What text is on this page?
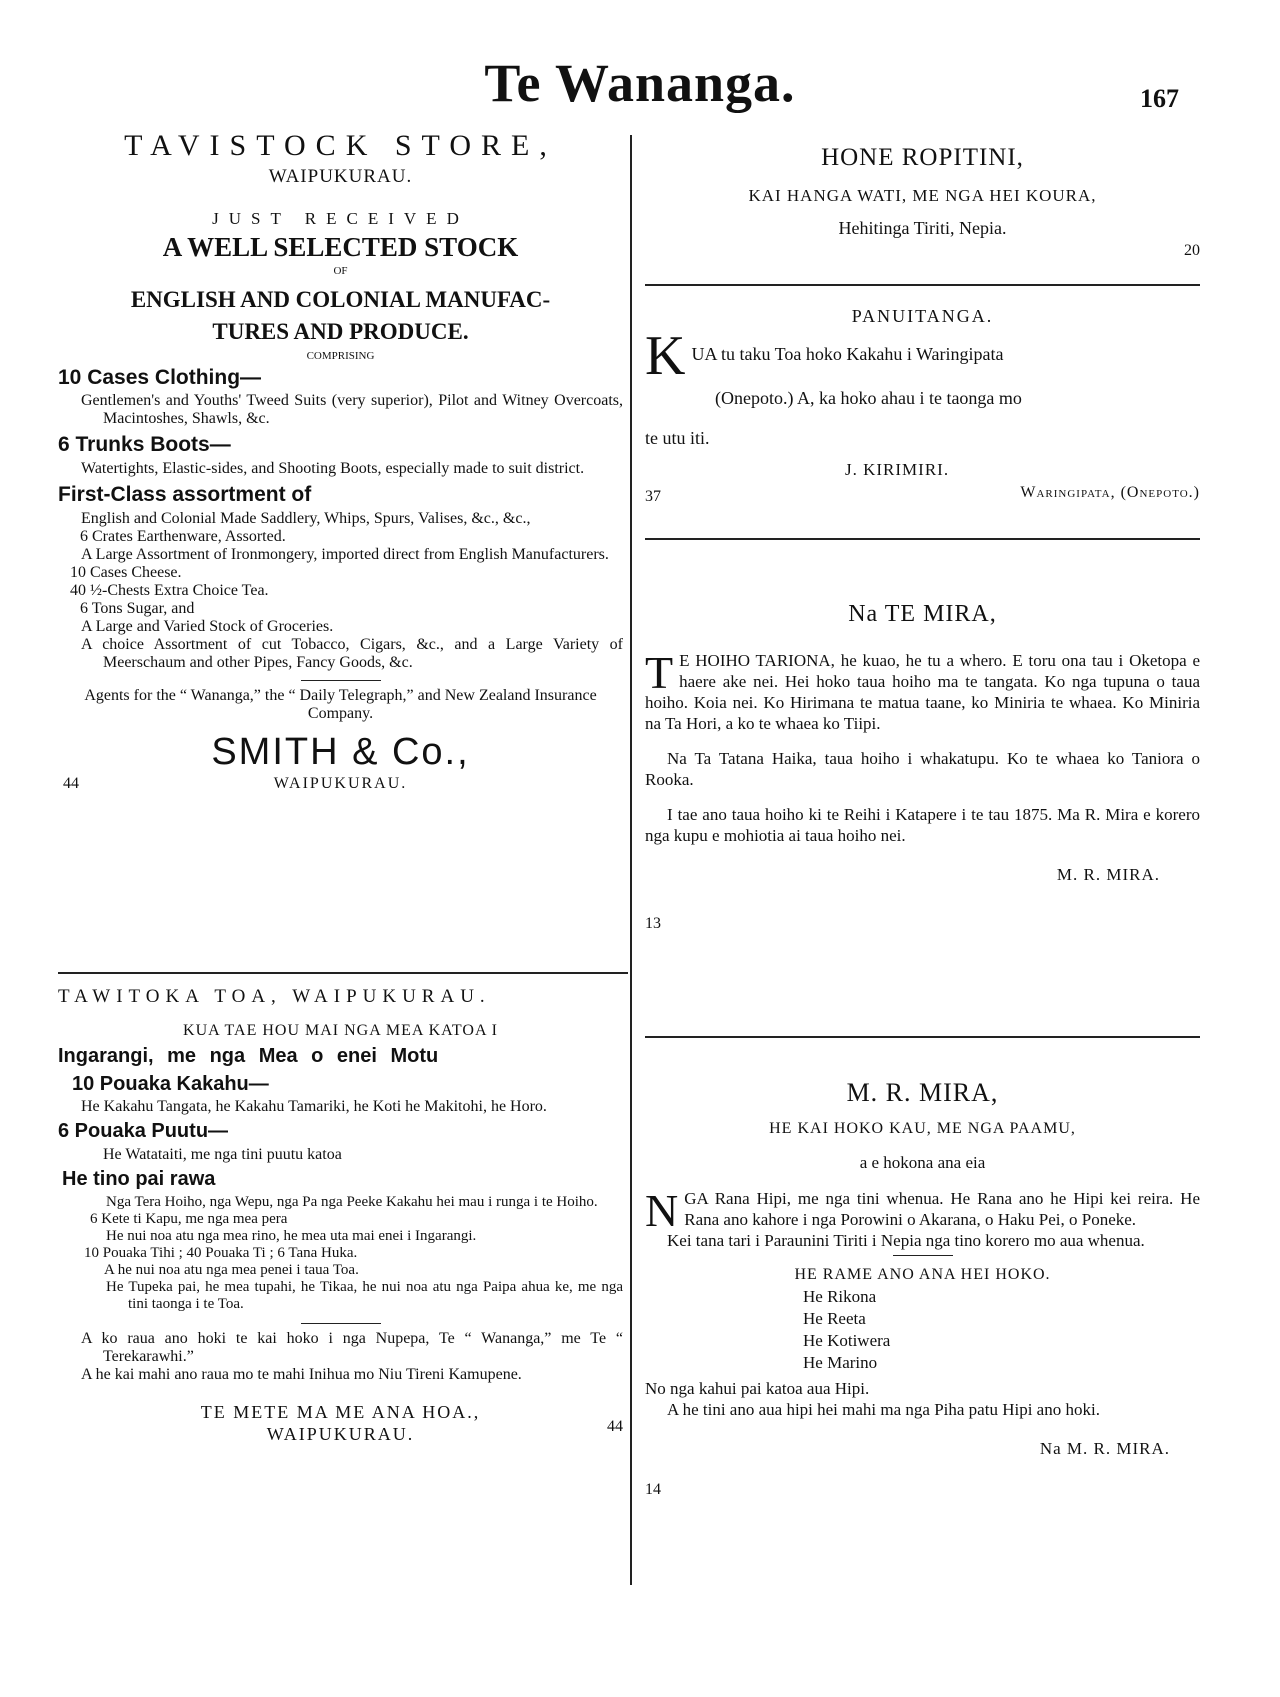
Te Wananga.	167
TAVISTOCK STORE,
WAIPUKURAU.
JUST RECEIVED
A WELL SELECTED STOCK
OF
ENGLISH AND COLONIAL MANUFAC-
TURES AND PRODUCE.
COMPRISING
10 Cases Clothing—
Gentlemen's and Youths' Tweed Suits (very superior), Pilot and Witney Overcoats, Macintoshes, Shawls, &c.
6 Trunks Boots—
Watertights, Elastic-sides, and Shooting Boots, especially made to suit district.
First-Class assortment of
English and Colonial Made Saddlery, Whips, Spurs, Valises, &c., &c.,
6 Crates Earthenware, Assorted.
A Large Assortment of Ironmongery, imported direct from English Manufacturers.
10 Cases Cheese.
40 ½-Chests Extra Choice Tea.
6 Tons Sugar, and
A Large and Varied Stock of Groceries.
A choice Assortment of cut Tobacco, Cigars, &c., and a Large Variety of Meerschaum and other Pipes, Fancy Goods, &c.
Agents for the “ Wananga,” the “ Daily Telegraph,” and New Zealand Insurance Company.
SMITH & Co.,
44	WAIPUKURAU.
TAWITOKA TOA, WAIPUKURAU.
KUA TAE HOU MAI NGA MEA KATOA I
Ingarangi, me nga Mea o enei Motu
10 Pouaka Kakahu—
He Kakahu Tangata, he Kakahu Tamariki, he Koti he Makitohi, he Horo.
6 Pouaka Puutu—
He Watataiti, me nga tini puutu katoa
He tino pai rawa
Nga Tera Hoiho, nga Wepu, nga Pa nga Peeke Kakahu hei mau i runga i te Hoiho.
6 Kete ti Kapu, me nga mea pera
He nui noa atu nga mea rino, he mea uta mai enei i Ingarangi.
10 Pouaka Tihi ; 40 Pouaka Ti ; 6 Tana Huka.
A he nui noa atu nga mea penei i taua Toa.
He Tupeka pai, he mea tupahi, he Tikaa, he nui noa atu nga Paipa ahua ke, me nga tini taonga i te Toa.
A ko raua ano hoki te kai hoko i nga Nupepa, Te “ Wananga,” me Te “ Terekarawhi.”
A he kai mahi ano raua mo te mahi Inihua mo Niu Tireni Kamupene.
TE METE MA ME ANA HOA.,
WAIPUKURAU.	44
HONE ROPITINI,
KAI HANGA WATI, ME NGA HEI KOURA,
Hehitinga Tiriti, Nepia.
20
PANUITANGA.
K UA tu taku Toa hoko Kakahu i Waringipata
(Onepoto.) A, ka hoko ahau i te taonga mo
te utu iti.
J. KIRIMIRI.
37	Waringipata, (Onepoto.)
Na TE MIRA,
T E HOIHO TARIONA, he kuao, he tu a whero. E toru ona tau i Oketopa e haere ake nei. Hei hoko taua hoiho ma te tangata. Ko nga tupuna o taua hoiho. Koia nei. Ko Hirimana te matua taane, ko Miniria te whaea. Ko Miniria na Ta Hori, a ko te whaea ko Tiipi.
Na Ta Tatana Haika, taua hoiho i whakatupu. Ko te whaea ko Taniora o Rooka.
I tae ano taua hoiho ki te Reihi i Katapere i te tau 1875. Ma R. Mira e korero nga kupu e mohiotia ai taua hoiho nei.
M. R. MIRA.
13
M. R. MIRA,
HE KAI HOKO KAU, ME NGA PAAMU,
a e hokona ana eia
NGA Rana Hipi, me nga tini whenua. He Rana ano he Hipi kei reira. He Rana ano kahore i nga Porowini o Akarana, o Haku Pei, o Poneke.
Kei tana tari i Paraunini Tiriti i Nepia nga tino korero mo aua whenua.
HE RAME ANO ANA HEI HOKO.
He Rikona
He Reeta
He Kotiwera
He Marino
No nga kahui pai katoa aua Hipi.
A he tini ano aua hipi hei mahi ma nga Piha patu Hipi ano hoki.
Na M. R. MIRA.
14
